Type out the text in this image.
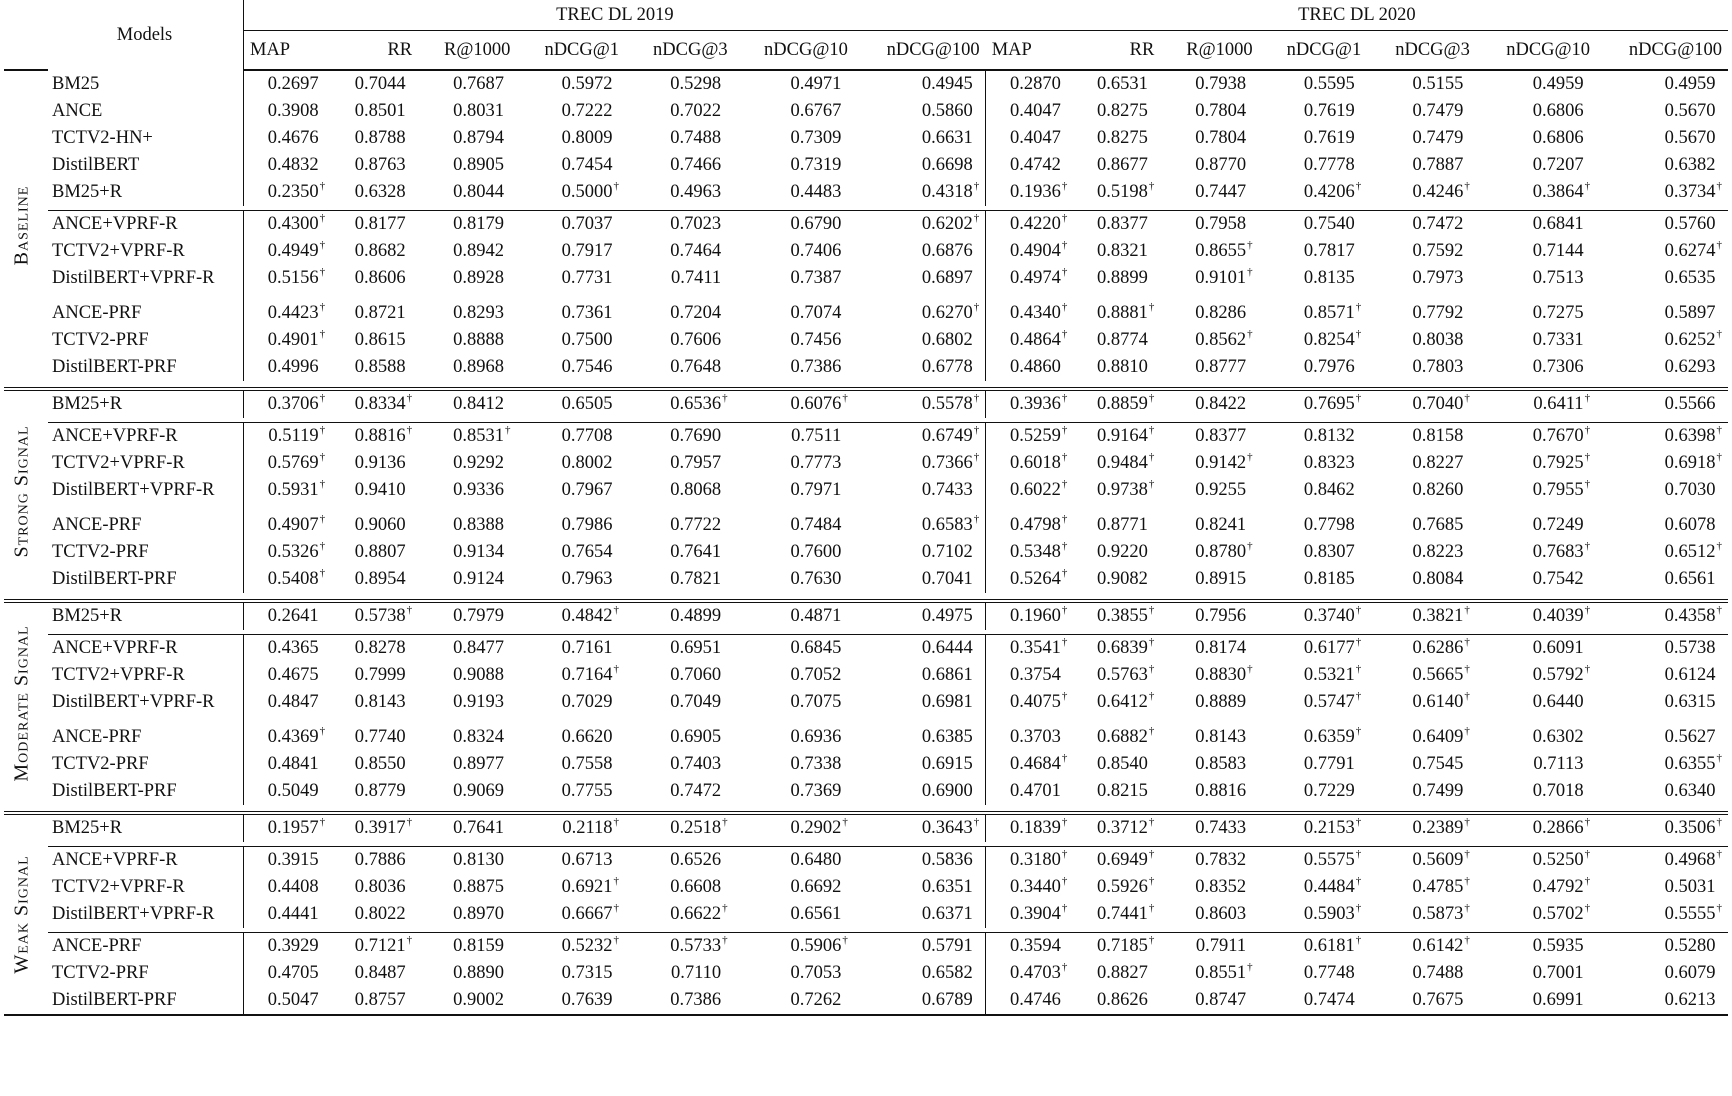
	Models	TREC DL 2019							TREC DL 2020						
		MAP	RR	R@1000	nDCG@1	nDCG@3	nDCG@10	nDCG@100	MAP	RR	R@1000	nDCG@1	nDCG@3	nDCG@10	nDCG@100
	BM25	0.2697	0.7044	0.7687	0.5972	0.5298	0.4971	0.4945	0.2870	0.6531	0.7938	0.5595	0.5155	0.4959	0.4959
	ANCE	0.3908	0.8501	0.8031	0.7222	0.7022	0.6767	0.5860	0.4047	0.8275	0.7804	0.7619	0.7479	0.6806	0.5670
	TCTV2-HN+	0.4676	0.8788	0.8794	0.8009	0.7488	0.7309	0.6631	0.4047	0.8275	0.7804	0.7619	0.7479	0.6806	0.5670
	DistilBERT	0.4832	0.8763	0.8905	0.7454	0.7466	0.7319	0.6698	0.4742	0.8677	0.8770	0.7778	0.7887	0.7207	0.6382
	BM25+R	0.2350†	0.6328	0.8044	0.5000†	0.4963	0.4483	0.4318†	0.1936†	0.5198†	0.7447	0.4206†	0.4246†	0.3864†	0.3734†

	ANCE+VPRF-R	0.4300†	0.8177	0.8179	0.7037	0.7023	0.6790	0.6202†	0.4220†	0.8377	0.7958	0.7540	0.7472	0.6841	0.5760
	TCTV2+VPRF-R	0.4949†	0.8682	0.8942	0.7917	0.7464	0.7406	0.6876	0.4904†	0.8321	0.8655†	0.7817	0.7592	0.7144	0.6274†
	DistilBERT+VPRF-R	0.5156†	0.8606	0.8928	0.7731	0.7411	0.7387	0.6897	0.4974†	0.8899	0.9101†	0.8135	0.7973	0.7513	0.6535

	ANCE-PRF	0.4423†	0.8721	0.8293	0.7361	0.7204	0.7074	0.6270†	0.4340†	0.8881†	0.8286	0.8571†	0.7792	0.7275	0.5897
	TCTV2-PRF	0.4901†	0.8615	0.8888	0.7500	0.7606	0.7456	0.6802	0.4864†	0.8774	0.8562†	0.8254†	0.8038	0.7331	0.6252†
	DistilBERT-PRF	0.4996	0.8588	0.8968	0.7546	0.7648	0.7386	0.6778	0.4860	0.8810	0.8777	0.7976	0.7803	0.7306	0.6293

	BM25+R	0.3706†	0.8334†	0.8412	0.6505	0.6536†	0.6076†	0.5578†	0.3936†	0.8859†	0.8422	0.7695†	0.7040†	0.6411†	0.5566

	ANCE+VPRF-R	0.5119†	0.8816†	0.8531†	0.7708	0.7690	0.7511	0.6749†	0.5259†	0.9164†	0.8377	0.8132	0.8158	0.7670†	0.6398†
	TCTV2+VPRF-R	0.5769†	0.9136	0.9292	0.8002	0.7957	0.7773	0.7366†	0.6018†	0.9484†	0.9142†	0.8323	0.8227	0.7925†	0.6918†
	DistilBERT+VPRF-R	0.5931†	0.9410	0.9336	0.7967	0.8068	0.7971	0.7433	0.6022†	0.9738†	0.9255	0.8462	0.8260	0.7955†	0.7030

	ANCE-PRF	0.4907†	0.9060	0.8388	0.7986	0.7722	0.7484	0.6583†	0.4798†	0.8771	0.8241	0.7798	0.7685	0.7249	0.6078
	TCTV2-PRF	0.5326†	0.8807	0.9134	0.7654	0.7641	0.7600	0.7102	0.5348†	0.9220	0.8780†	0.8307	0.8223	0.7683†	0.6512†
	DistilBERT-PRF	0.5408†	0.8954	0.9124	0.7963	0.7821	0.7630	0.7041	0.5264†	0.9082	0.8915	0.8185	0.8084	0.7542	0.6561

	BM25+R	0.2641	0.5738†	0.7979	0.4842†	0.4899	0.4871	0.4975	0.1960†	0.3855†	0.7956	0.3740†	0.3821†	0.4039†	0.4358†

	ANCE+VPRF-R	0.4365	0.8278	0.8477	0.7161	0.6951	0.6845	0.6444	0.3541†	0.6839†	0.8174	0.6177†	0.6286†	0.6091	0.5738
	TCTV2+VPRF-R	0.4675	0.7999	0.9088	0.7164†	0.7060	0.7052	0.6861	0.3754	0.5763†	0.8830†	0.5321†	0.5665†	0.5792†	0.6124
	DistilBERT+VPRF-R	0.4847	0.8143	0.9193	0.7029	0.7049	0.7075	0.6981	0.4075†	0.6412†	0.8889	0.5747†	0.6140†	0.6440	0.6315

	ANCE-PRF	0.4369†	0.7740	0.8324	0.6620	0.6905	0.6936	0.6385	0.3703	0.6882†	0.8143	0.6359†	0.6409†	0.6302	0.5627
	TCTV2-PRF	0.4841	0.8550	0.8977	0.7558	0.7403	0.7338	0.6915	0.4684†	0.8540	0.8583	0.7791	0.7545	0.7113	0.6355†
	DistilBERT-PRF	0.5049	0.8779	0.9069	0.7755	0.7472	0.7369	0.6900	0.4701	0.8215	0.8816	0.7229	0.7499	0.7018	0.6340

	BM25+R	0.1957†	0.3917†	0.7641	0.2118†	0.2518†	0.2902†	0.3643†	0.1839†	0.3712†	0.7433	0.2153†	0.2389†	0.2866†	0.3506†

	ANCE+VPRF-R	0.3915	0.7886	0.8130	0.6713	0.6526	0.6480	0.5836	0.3180†	0.6949†	0.7832	0.5575†	0.5609†	0.5250†	0.4968†
	TCTV2+VPRF-R	0.4408	0.8036	0.8875	0.6921†	0.6608	0.6692	0.6351	0.3440†	0.5926†	0.8352	0.4484†	0.4785†	0.4792†	0.5031
	DistilBERT+VPRF-R	0.4441	0.8022	0.8970	0.6667†	0.6622†	0.6561	0.6371	0.3904†	0.7441†	0.8603	0.5903†	0.5873†	0.5702†	0.5555†

	ANCE-PRF	0.3929	0.7121†	0.8159	0.5232†	0.5733†	0.5906†	0.5791	0.3594	0.7185†	0.7911	0.6181†	0.6142†	0.5935	0.5280
	TCTV2-PRF	0.4705	0.8487	0.8890	0.7315	0.7110	0.7053	0.6582	0.4703†	0.8827	0.8551†	0.7748	0.7488	0.7001	0.6079
	DistilBERT-PRF	0.5047	0.8757	0.9002	0.7639	0.7386	0.7262	0.6789	0.4746	0.8626	0.8747	0.7474	0.7675	0.6991	0.6213
Baseline
Strong Signal
Moderate Signal
Weak Signal
